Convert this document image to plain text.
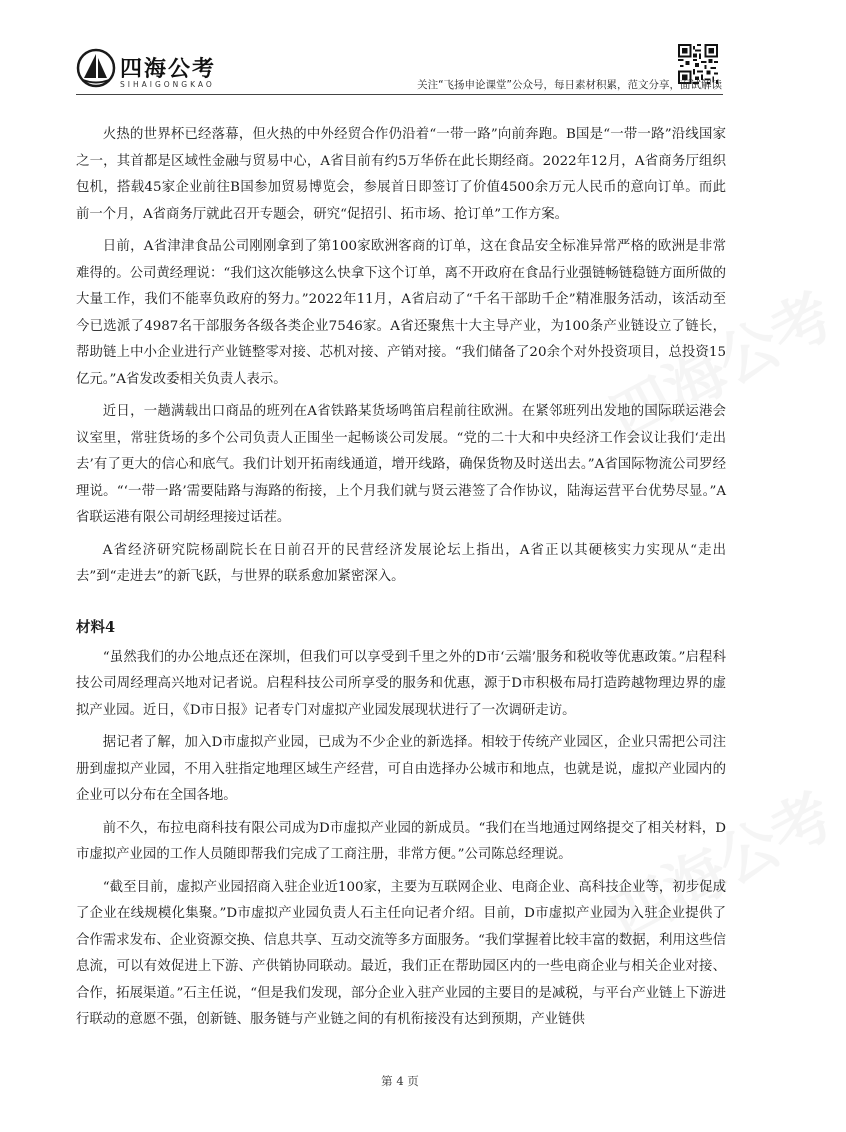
四海公考
SIHAIGONGKAO	关注“飞扬申论课堂”公众号，每日素材积累，范文分享，面试解读
四海公考
四海公考

火热的世界杯已经落幕，但火热的中外经贸合作仍沿着“一带一路”向前奔跑。B国是“一带一路”沿线国家之一，其首都是区域性金融与贸易中心，A省目前有约5万华侨在此长期经商。2022年12月，A省商务厅组织包机，搭载45家企业前往B国参加贸易博览会，参展首日即签订了价值4500余万元人民币的意向订单。而此前一个月，A省商务厅就此召开专题会，研究“促招引、拓市场、抢订单”工作方案。

日前，A省津津食品公司刚刚拿到了第100家欧洲客商的订单，这在食品安全标准异常严格的欧洲是非常难得的。公司黄经理说：“我们这次能够这么快拿下这个订单，离不开政府在食品行业强链畅链稳链方面所做的大量工作，我们不能辜负政府的努力。”2022年11月，A省启动了“千名干部助千企”精准服务活动，该活动至今已选派了4987名干部服务各级各类企业7546家。A省还聚焦十大主导产业，为100条产业链设立了链长，帮助链上中小企业进行产业链整零对接、芯机对接、产销对接。“我们储备了20余个对外投资项目，总投资15亿元。”A省发改委相关负责人表示。

近日，一趟满载出口商品的班列在A省铁路某货场鸣笛启程前往欧洲。在紧邻班列出发地的国际联运港会议室里，常驻货场的多个公司负责人正围坐一起畅谈公司发展。“党的二十大和中央经济工作会议让我们‘走出去’有了更大的信心和底气。我们计划开拓南线通道，增开线路，确保货物及时送出去。”A省国际物流公司罗经理说。“‘一带一路’需要陆路与海路的衔接，上个月我们就与贤云港签了合作协议，陆海运营平台优势尽显。”A省联运港有限公司胡经理接过话茬。

A省经济研究院杨副院长在日前召开的民营经济发展论坛上指出，A省正以其硬核实力实现从“走出去”到“走进去”的新飞跃，与世界的联系愈加紧密深入。

材料4

“虽然我们的办公地点还在深圳，但我们可以享受到千里之外的D市‘云端’服务和税收等优惠政策。”启程科技公司周经理高兴地对记者说。启程科技公司所享受的服务和优惠，源于D市积极布局打造跨越物理边界的虚拟产业园。近日，《D市日报》记者专门对虚拟产业园发展现状进行了一次调研走访。

据记者了解，加入D市虚拟产业园，已成为不少企业的新选择。相较于传统产业园区，企业只需把公司注册到虚拟产业园，不用入驻指定地理区域生产经营，可自由选择办公城市和地点，也就是说，虚拟产业园内的企业可以分布在全国各地。

前不久，布拉电商科技有限公司成为D市虚拟产业园的新成员。“我们在当地通过网络提交了相关材料，D市虚拟产业园的工作人员随即帮我们完成了工商注册，非常方便。”公司陈总经理说。

“截至目前，虚拟产业园招商入驻企业近100家，主要为互联网企业、电商企业、高科技企业等，初步促成了企业在线规模化集聚。”D市虚拟产业园负责人石主任向记者介绍。目前，D市虚拟产业园为入驻企业提供了合作需求发布、企业资源交换、信息共享、互动交流等多方面服务。“我们掌握着比较丰富的数据，利用这些信息流，可以有效促进上下游、产供销协同联动。最近，我们正在帮助园区内的一些电商企业与相关企业对接、合作，拓展渠道。”石主任说，“但是我们发现，部分企业入驻产业园的主要目的是减税，与平台产业链上下游进行联动的意愿不强，创新链、服务链与产业链之间的有机衔接没有达到预期，产业链供

第 4 页
